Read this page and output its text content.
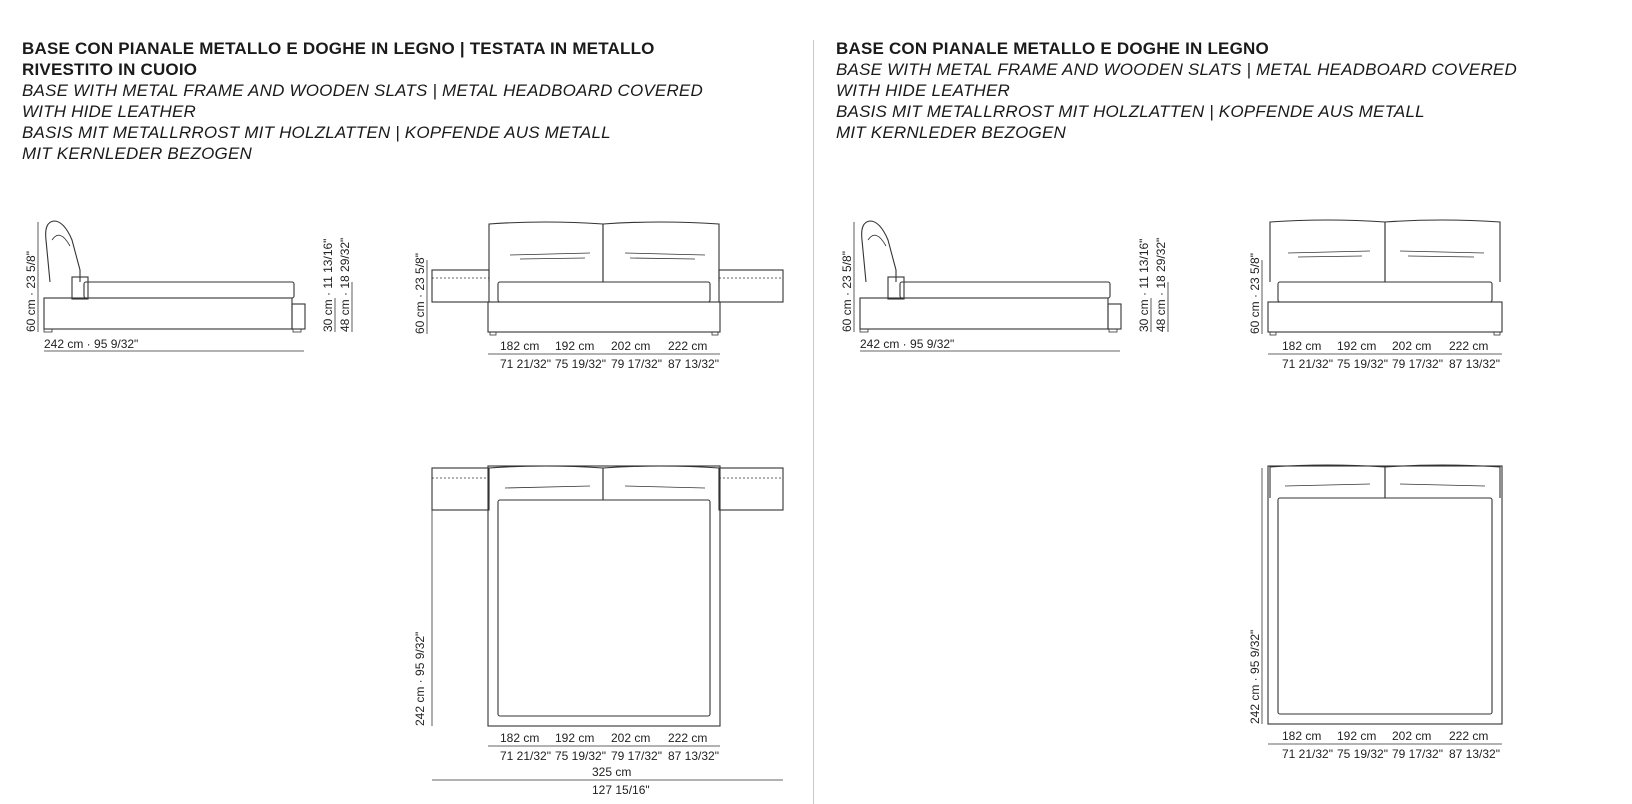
BASE CON PIANALE METALLO E DOGHE IN LEGNO | TESTATA IN METALLO
RIVESTITO IN CUOIO
BASE WITH METAL FRAME AND WOODEN SLATS | METAL HEADBOARD COVERED
WITH HIDE LEATHER
BASIS MIT METALLRROST MIT HOLZLATTEN | KOPFENDE AUS METALL
MIT KERNLEDER BEZOGEN
BASE CON PIANALE METALLO E DOGHE IN LEGNO
BASE WITH METAL FRAME AND WOODEN SLATS | METAL HEADBOARD COVERED
WITH HIDE LEATHER
BASIS MIT METALLRROST MIT HOLZLATTEN | KOPFENDE AUS METALL
MIT KERNLEDER BEZOGEN
60 cm · 23 5/8"	30 cm · 11 13/16" 48 cm · 18 29/32"
242 cm · 95 9/32"
60 cm · 23 5/8"
182 cm 192 cm 202 cm 222 cm
71 21/32" 75 19/32" 79 17/32" 87 13/32"
242 cm · 95 9/32"
182 cm 192 cm 202 cm 222 cm
71 21/32" 75 19/32" 79 17/32" 87 13/32"
325 cm
127 15/16"
60 cm · 23 5/8"	30 cm · 11 13/16" 48 cm · 18 29/32"
242 cm · 95 9/32"
60 cm · 23 5/8"
182 cm 192 cm 202 cm 222 cm
71 21/32" 75 19/32" 79 17/32" 87 13/32"
242 cm · 95 9/32"
182 cm 192 cm 202 cm 222 cm
71 21/32" 75 19/32" 79 17/32" 87 13/32"
